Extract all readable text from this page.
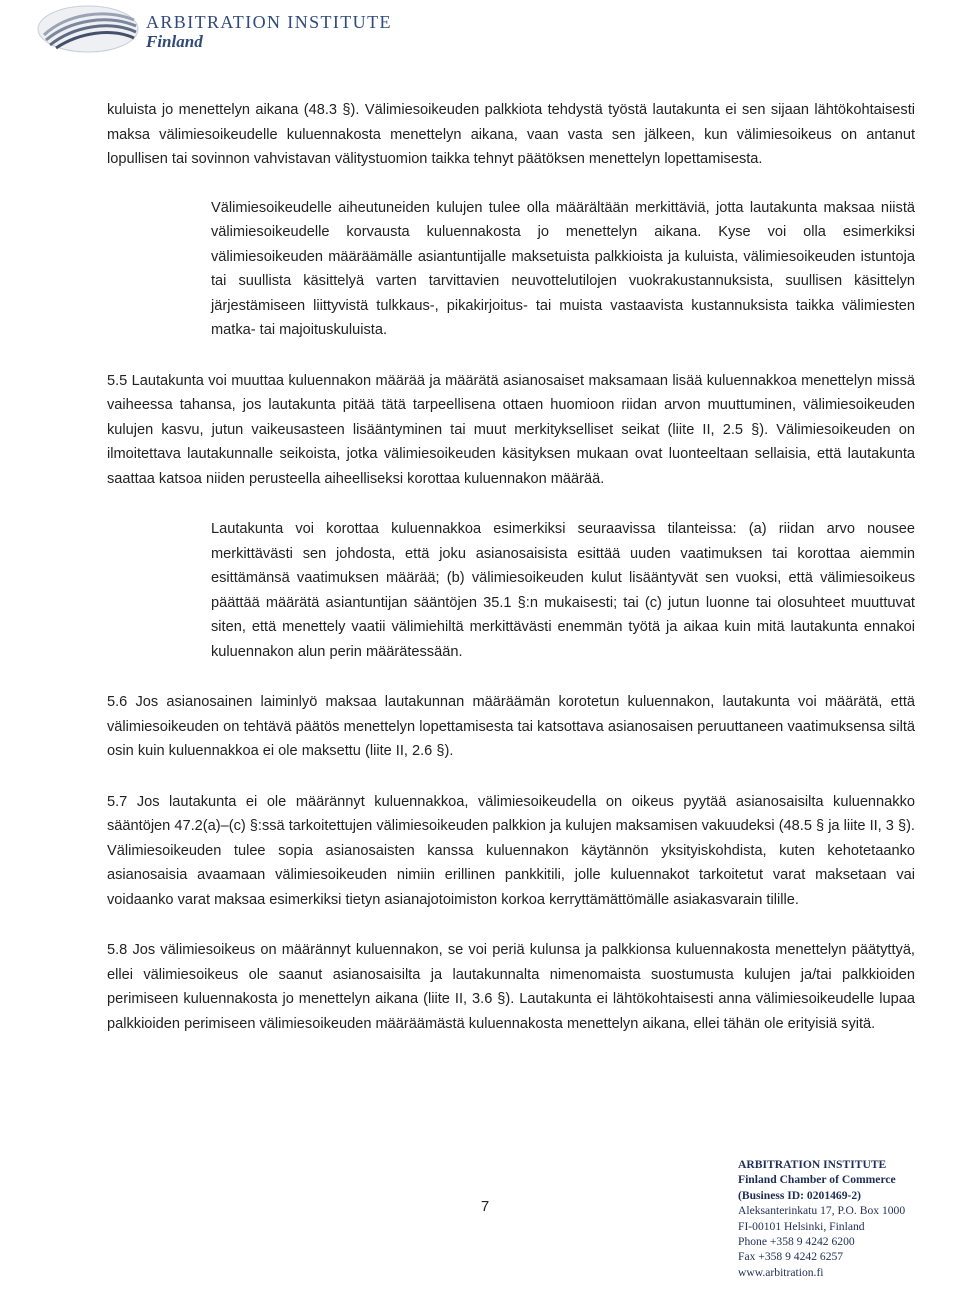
ARBITRATION INSTITUTE
Finland

kuluista jo menettelyn aikana (48.3 §). Välimiesoikeuden palkkiota tehdystä työstä lautakunta ei sen sijaan lähtökohtaisesti maksa välimiesoikeudelle kuluennakosta menettelyn aikana, vaan vasta sen jälkeen, kun välimiesoikeus on antanut lopullisen tai sovinnon vahvistavan välitystuomion taikka tehnyt päätöksen menettelyn lopettamisesta.

Välimiesoikeudelle aiheutuneiden kulujen tulee olla määrältään merkittäviä, jotta lautakunta maksaa niistä välimiesoikeudelle korvausta kuluennakosta jo menettelyn aikana. Kyse voi olla esimerkiksi välimiesoikeuden määräämälle asiantuntijalle maksetuista palkkioista ja kuluista, välimiesoikeuden istuntoja tai suullista käsittelyä varten tarvittavien neuvottelutilojen vuokrakustannuksista, suullisen käsittelyn järjestämiseen liittyvistä tulkkaus-, pikakirjoitus- tai muista vastaavista kustannuksista taikka välimiesten matka- tai majoituskuluista.

5.5 Lautakunta voi muuttaa kuluennakon määrää ja määrätä asianosaiset maksamaan lisää kuluennakkoa menettelyn missä vaiheessa tahansa, jos lautakunta pitää tätä tarpeellisena ottaen huomioon riidan arvon muuttuminen, välimiesoikeuden kulujen kasvu, jutun vaikeusasteen lisääntyminen tai muut merkitykselliset seikat (liite II, 2.5 §). Välimiesoikeuden on ilmoitettava lautakunnalle seikoista, jotka välimiesoikeuden käsityksen mukaan ovat luonteeltaan sellaisia, että lautakunta saattaa katsoa niiden perusteella aiheelliseksi korottaa kuluennakon määrää.

Lautakunta voi korottaa kuluennakkoa esimerkiksi seuraavissa tilanteissa: (a) riidan arvo nousee merkittävästi sen johdosta, että joku asianosaisista esittää uuden vaatimuksen tai korottaa aiemmin esittämänsä vaatimuksen määrää; (b) välimiesoikeuden kulut lisääntyvät sen vuoksi, että välimiesoikeus päättää määrätä asiantuntijan sääntöjen 35.1 §:n mukaisesti; tai (c) jutun luonne tai olosuhteet muuttuvat siten, että menettely vaatii välimiehiltä merkittävästi enemmän työtä ja aikaa kuin mitä lautakunta ennakoi kuluennakon alun perin määrätessään.

5.6 Jos asianosainen laiminlyö maksaa lautakunnan määräämän korotetun kuluennakon, lautakunta voi määrätä, että välimiesoikeuden on tehtävä päätös menettelyn lopettamisesta tai katsottava asianosaisen peruuttaneen vaatimuksensa siltä osin kuin kuluennakkoa ei ole maksettu (liite II, 2.6 §).

5.7 Jos lautakunta ei ole määrännyt kuluennakkoa, välimiesoikeudella on oikeus pyytää asianosaisilta kuluennakko sääntöjen 47.2(a)–(c) §:ssä tarkoitettujen välimiesoikeuden palkkion ja kulujen maksamisen vakuudeksi (48.5 § ja liite II, 3 §). Välimiesoikeuden tulee sopia asianosaisten kanssa kuluennakon käytännön yksityiskohdista, kuten kehotetaanko asianosaisia avaamaan välimiesoikeuden nimiin erillinen pankkitili, jolle kuluennakot tarkoitetut varat maksetaan vai voidaanko varat maksaa esimerkiksi tietyn asianajotoimiston korkoa kerryttämättömälle asiakasvarain tilille.

5.8 Jos välimiesoikeus on määrännyt kuluennakon, se voi periä kulunsa ja palkkionsa kuluennakosta menettelyn päätyttyä, ellei välimiesoikeus ole saanut asianosaisilta ja lautakunnalta nimenomaista suostumusta kulujen ja/tai palkkioiden perimiseen kuluennakosta jo menettelyn aikana (liite II, 3.6 §). Lautakunta ei lähtökohtaisesti anna välimiesoikeudelle lupaa palkkioiden perimiseen välimiesoikeuden määräämästä kuluennakosta menettelyn aikana, ellei tähän ole erityisiä syitä.

7
ARBITRATION INSTITUTE
Finland Chamber of Commerce
(Business ID: 0201469-2)
Aleksanterinkatu 17, P.O. Box 1000
FI-00101 Helsinki, Finland
Phone +358 9 4242 6200
Fax +358 9 4242 6257
www.arbitration.fi
